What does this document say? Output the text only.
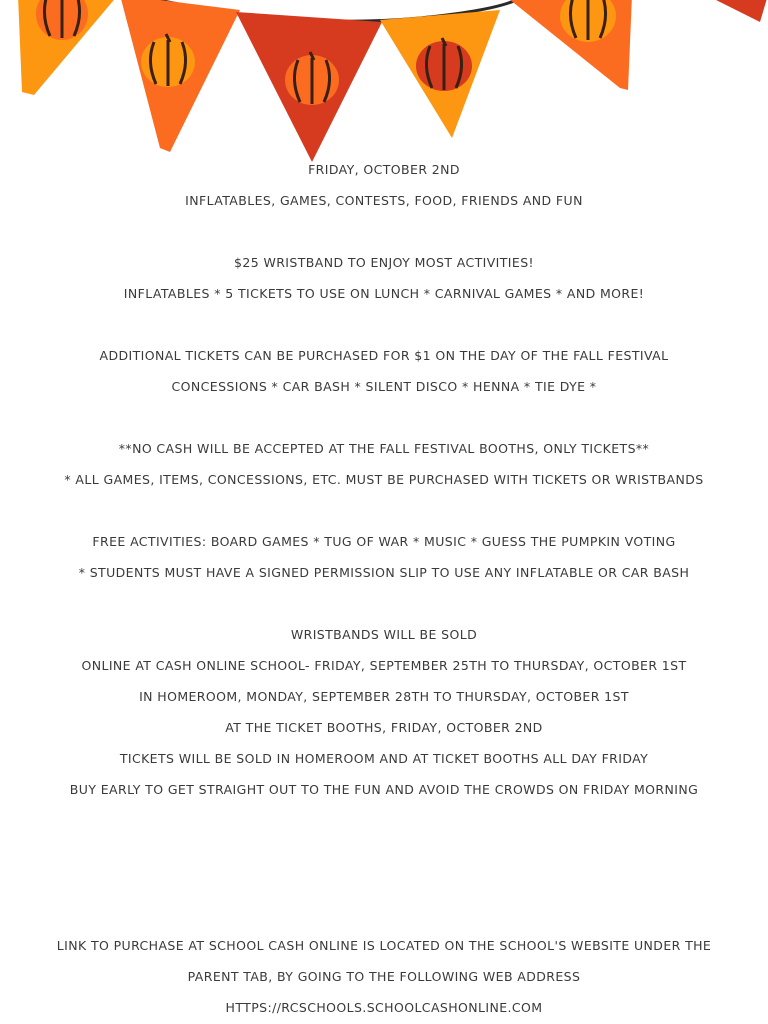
FRIDAY, OCTOBER 2ND
INFLATABLES, GAMES, CONTESTS, FOOD, FRIENDS AND FUN
$25 WRISTBAND TO ENJOY MOST ACTIVITIES!
INFLATABLES * 5 TICKETS TO USE ON LUNCH * CARNIVAL GAMES * AND MORE!
ADDITIONAL TICKETS CAN BE PURCHASED FOR $1 ON THE DAY OF THE FALL FESTIVAL
CONCESSIONS * CAR BASH * SILENT DISCO * HENNA * TIE DYE *
**NO CASH WILL BE ACCEPTED AT THE FALL FESTIVAL BOOTHS, ONLY TICKETS**
* ALL GAMES, ITEMS, CONCESSIONS, ETC. MUST BE PURCHASED WITH TICKETS OR WRISTBANDS
FREE ACTIVITIES: BOARD GAMES * TUG OF WAR * MUSIC * GUESS THE PUMPKIN VOTING
* STUDENTS MUST HAVE A SIGNED PERMISSION SLIP TO USE ANY INFLATABLE OR CAR BASH
WRISTBANDS WILL BE SOLD
ONLINE AT CASH ONLINE SCHOOL- FRIDAY, SEPTEMBER 25TH TO THURSDAY, OCTOBER 1ST
IN HOMEROOM, MONDAY, SEPTEMBER 28TH TO THURSDAY, OCTOBER 1ST
AT THE TICKET BOOTHS, FRIDAY, OCTOBER 2ND
TICKETS WILL BE SOLD IN HOMEROOM AND AT TICKET BOOTHS ALL DAY FRIDAY
BUY EARLY TO GET STRAIGHT OUT TO THE FUN AND AVOID THE CROWDS ON FRIDAY MORNING
LINK TO PURCHASE AT SCHOOL CASH ONLINE IS LOCATED ON THE SCHOOL'S WEBSITE UNDER THE
PARENT TAB, BY GOING TO THE FOLLOWING WEB ADDRESS
HTTPS://RCSCHOOLS.SCHOOLCASHONLINE.COM
